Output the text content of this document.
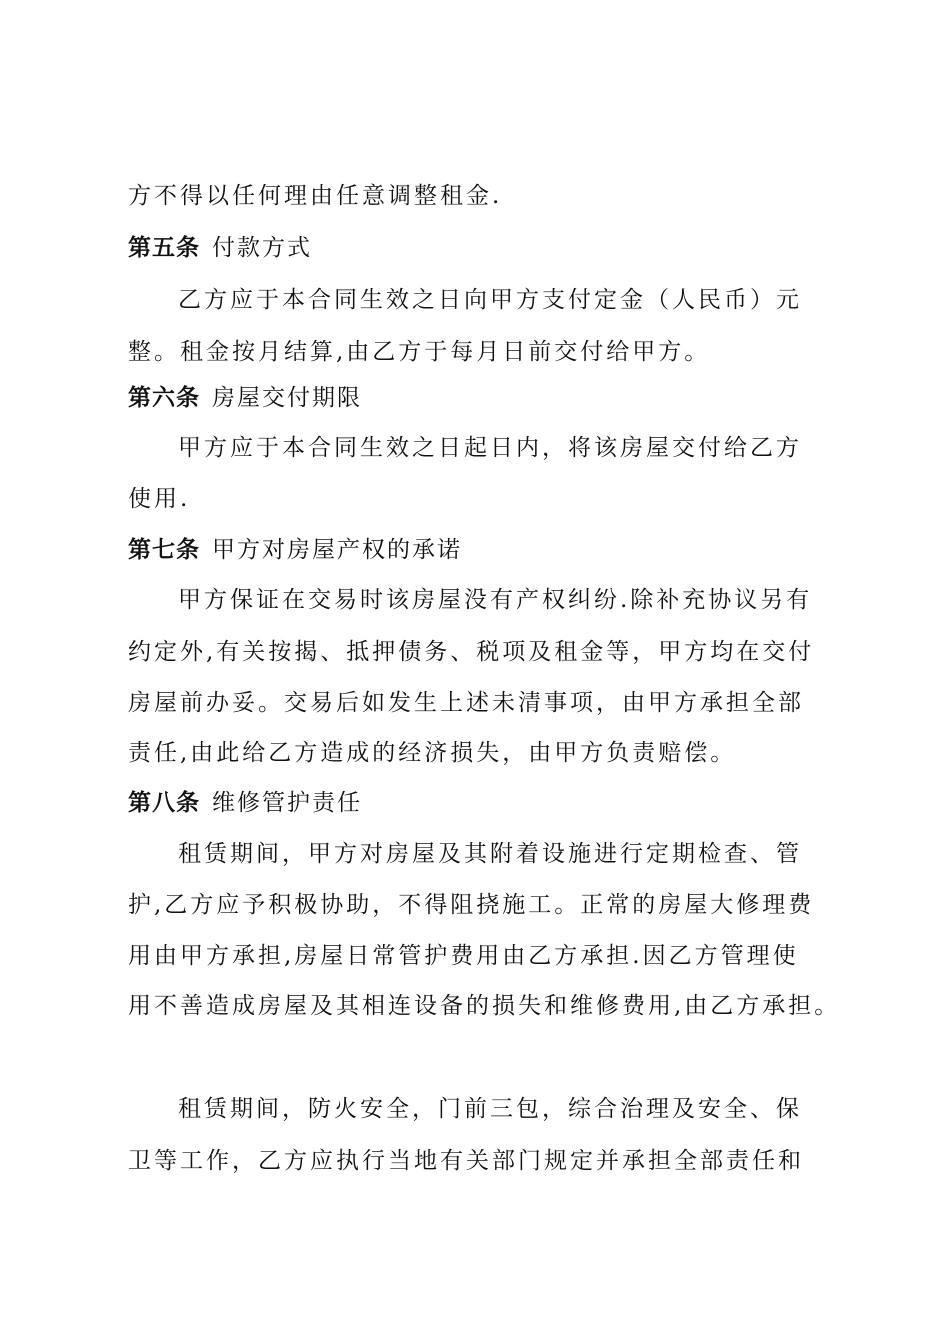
方不得以任何理由任意调整租金.
第五条 付款方式
乙方应于本合同生效之日向甲方支付定金（人民币）元
整。租金按月结算,由乙方于每月日前交付给甲方。
第六条 房屋交付期限
甲方应于本合同生效之日起日内，将该房屋交付给乙方
使用.
第七条 甲方对房屋产权的承诺
甲方保证在交易时该房屋没有产权纠纷.除补充协议另有
约定外,有关按揭、抵押债务、税项及租金等，甲方均在交付
房屋前办妥。交易后如发生上述未清事项，由甲方承担全部
责任,由此给乙方造成的经济损失，由甲方负责赔偿。
第八条 维修管护责任
租赁期间，甲方对房屋及其附着设施进行定期检查、管
护,乙方应予积极协助，不得阻挠施工。正常的房屋大修理费
用由甲方承担,房屋日常管护费用由乙方承担.因乙方管理使
用不善造成房屋及其相连设备的损失和维修费用,由乙方承担。
租赁期间，防火安全，门前三包，综合治理及安全、保
卫等工作，乙方应执行当地有关部门规定并承担全部责任和
